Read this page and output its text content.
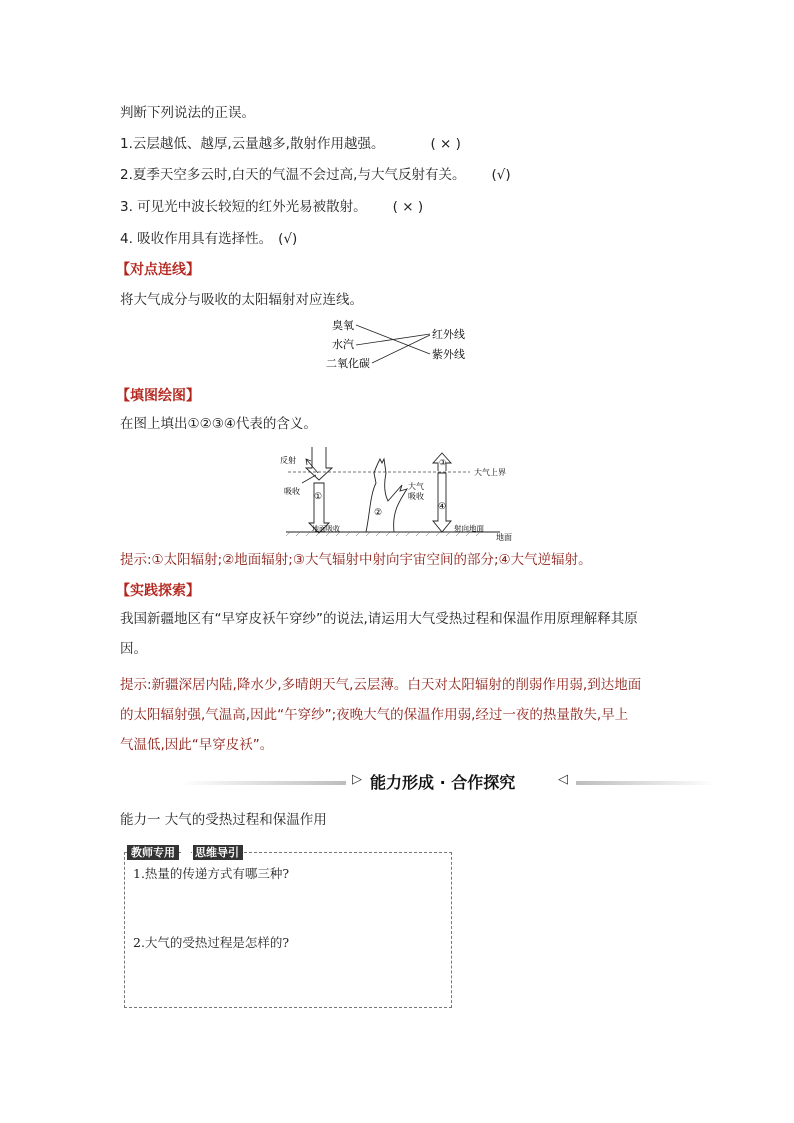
判断下列说法的正误。
1.云层越低、越厚,云量越多,散射作用越强。	( × )
2.夏季天空多云时,白天的气温不会过高,与大气反射有关。 (√)
3. 可见光中波长较短的红外光易被散射。 ( × )
4. 吸收作用具有选择性。 (√)
【对点连线】
将大气成分与吸收的太阳辐射对应连线。
臭氧
水汽
二氧化碳
红外线
紫外线
【填图绘图】
在图上填出①②③④代表的含义。
大气上界
地面
①
反射
吸收
地面吸收
②
大气
吸收
③
④
射向地面
提示:①太阳辐射;②地面辐射;③大气辐射中射向宇宙空间的部分;④大气逆辐射。
【实践探索】
我国新疆地区有“早穿皮袄午穿纱”的说法,请运用大气受热过程和保温作用原理解释其原
因。
提示:新疆深居内陆,降水少,多晴朗天气,云层薄。白天对太阳辐射的削弱作用弱,到达地面
的太阳辐射强,气温高,因此“午穿纱”;夜晚大气的保温作用弱,经过一夜的热量散失,早上
气温低,因此“早穿皮袄”。
▷ 能力形成 · 合作探究	◁
能力一 大气的受热过程和保温作用
教师专用	思维导引
1.热量的传递方式有哪三种?
2.大气的受热过程是怎样的?
